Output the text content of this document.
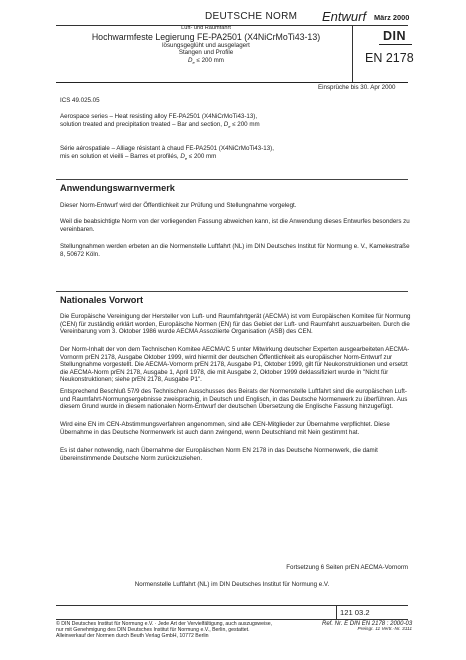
DEUTSCHE NORM Entwurf März 2000
Luft- und Raumfahrt
Hochwarmfeste Legierung FE-PA2501 (X4NiCrMoTi43-13)
lösungsgeglüht und ausgelagert
Stangen und Profile
$D_e \le 200$ mm
DIN
EN 2178
Einsprüche bis 30. Apr 2000
ICS 49.025.05
Aerospace series – Heat resisting alloy FE-PA2501 (X4NiCrMoTi43-13),
solution treated and precipitation treated – Bar and section, $D_e \le 200$ mm
Série aérospatiale – Alliage résistant à chaud FE-PA2501 (X4NiCrMoTi43-13),
mis en solution et vieilli – Barres et profilés, $D_e \le 200$ mm
Anwendungswarnvermerk
Dieser Norm-Entwurf wird der Öffentlichkeit zur Prüfung und Stellungnahme vorgelegt.
Weil die beabsichtigte Norm von der vorliegenden Fassung abweichen kann, ist die Anwendung dieses Entwurfes besonders zu vereinbaren.
Stellungnahmen werden erbeten an die Normenstelle Luftfahrt (NL) im DIN Deutsches Institut für Normung e. V., Kamekestraße 8, 50672 Köln.
Nationales Vorwort
Die Europäische Vereinigung der Hersteller von Luft- und Raumfahrtgerät (AECMA) ist vom Europäischen Komitee für Normung (CEN) für zuständig erklärt worden, Europäische Normen (EN) für das Gebiet der Luft- und Raumfahrt auszuarbeiten. Durch die Vereinbarung vom 3. Oktober 1986 wurde AECMA Assoziierte Organisation (ASB) des CEN.
Der Norm-Inhalt der von dem Technischen Komitee AECMA/C 5 unter Mitwirkung deutscher Experten ausgearbeiteten AECMA-Vornorm prEN 2178, Ausgabe Oktober 1999, wird hiermit der deutschen Öffentlichkeit als europäischer Norm-Entwurf zur Stellungnahme vorgestellt. Die AECMA-Vornorm prEN 2178, Ausgabe P1, Oktober 1999, gilt für Neukonstruktionen und ersetzt die AECMA-Norm prEN 2178, Ausgabe 1, April 1978, die mit Ausgabe 2, Oktober 1999 deklassifiziert wurde in "Nicht für Neukonstruktionen; siehe prEN 2178, Ausgabe P1".
Entsprechend Beschluß 57/9 des Technischen Ausschusses des Beirats der Normenstelle Luftfahrt sind die europäischen Luft- und Raumfahrt-Normungsergebnisse zweisprachig, in Deutsch und Englisch, in das Deutsche Normenwerk zu überführen. Aus diesem Grund wurde in diesem nationalen Norm-Entwurf der deutschen Übersetzung die Englische Fassung hinzugefügt.
Wird eine EN im CEN-Abstimmungsverfahren angenommen, sind alle CEN-Mitglieder zur Übernahme verpflichtet. Diese Übernahme in das Deutsche Normenwerk ist auch dann zwingend, wenn Deutschland mit Nein gestimmt hat.
Es ist daher notwendig, nach Übernahme der Europäischen Norm EN 2178 in das Deutsche Normenwerk, die damit übereinstimmende Deutsche Norm zurückzuziehen.
Fortsetzung 6 Seiten prEN AECMA-Vornorm
Normenstelle Luftfahrt (NL) im DIN Deutsches Institut für Normung e.V.
121 03.2
© DIN Deutsches Institut für Normung e.V. · Jede Art der Vervielfältigung, auch auszugsweise,
nur mit Genehmigung des DIN Deutsches Institut für Normung e.V., Berlin, gestattet.
Alleinverkauf der Normen durch Beuth Verlag GmbH, 10772 Berlin
Ref. Nr. E DIN EN 2178 : 2000-03
Preisgr. 11 Vertr.-Nr. 3111
